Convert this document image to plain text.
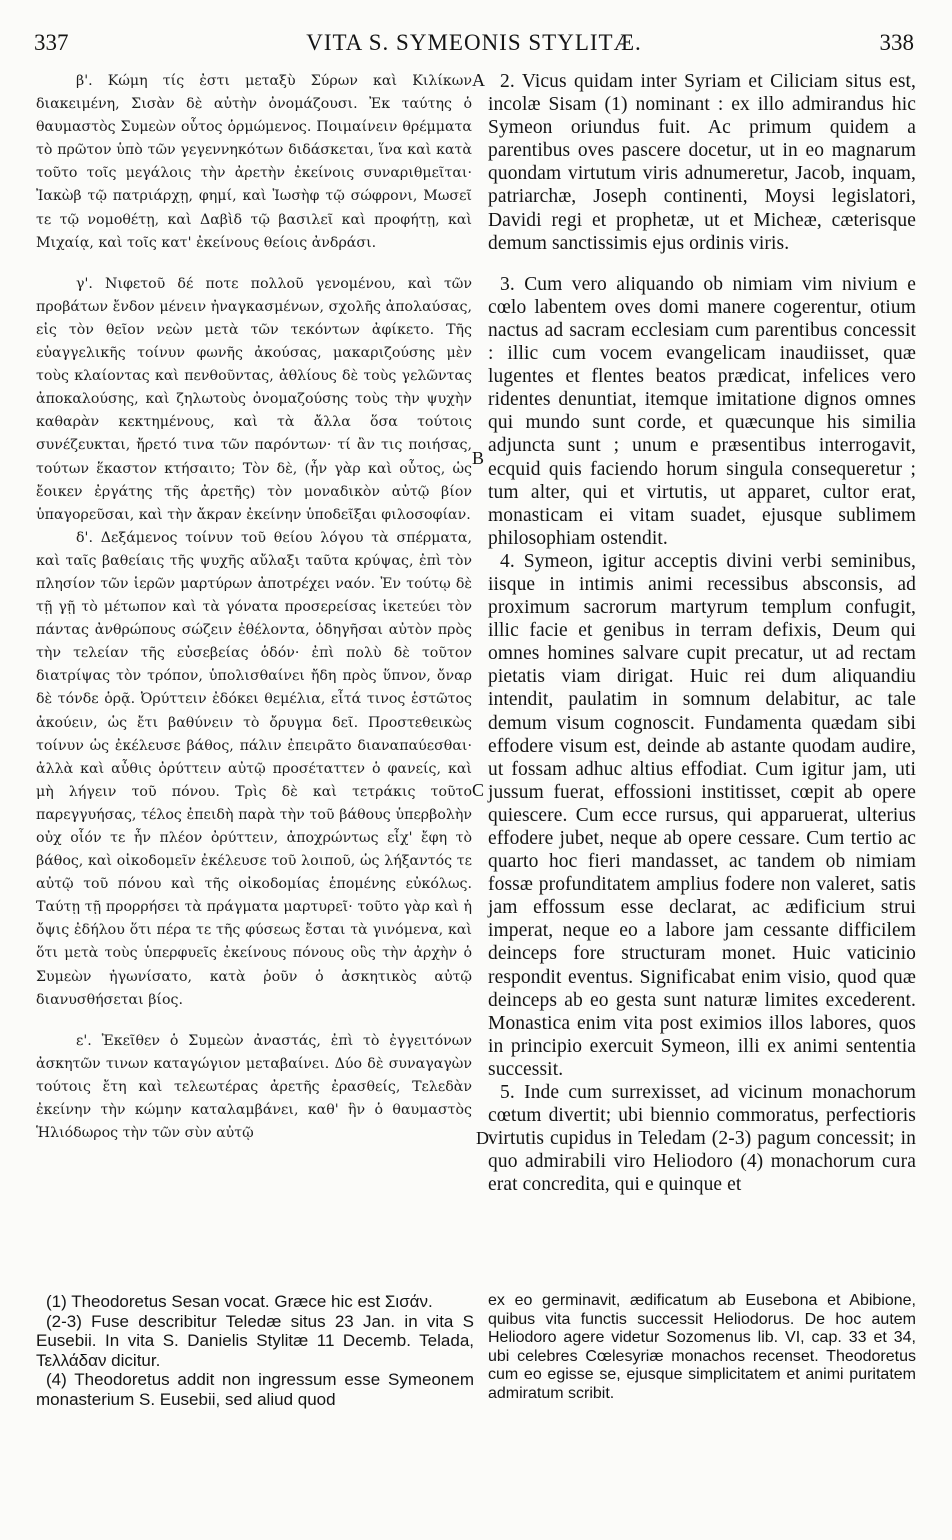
337	VITA S. SYMEONIS STYLITÆ.	338

β'. Κώμη τίς ἐστι μεταξὺ Σύρων καὶ Κιλίκων διακειμένη, Σισὰν δὲ αὐτὴν ὀνομάζουσι. Ἐκ ταύτης ὁ θαυμαστὸς Συμεὼν οὗτος ὁρμώμενος. Ποιμαίνειν θρέμματα τὸ πρῶτον ὑπὸ τῶν γεγεννηκότων διδάσκεται, ἵνα καὶ κατὰ τοῦτο τοῖς μεγάλοις τὴν ἀρετὴν ἐκείνοις συναριθμεῖται· Ἰακὼβ τῷ πατριάρχῃ, φημί, καὶ Ἰωσὴφ τῷ σώφρονι, Μωσεῖ τε τῷ νομοθέτῃ, καὶ Δαβὶδ τῷ βασιλεῖ καὶ προφήτῃ, καὶ Μιχαίᾳ, καὶ τοῖς κατ' ἐκείνους θείοις ἀνδράσι.

γ'. Νιφετοῦ δέ ποτε πολλοῦ γενομένου, καὶ τῶν προβάτων ἔνδον μένειν ἠναγκασμένων, σχολῆς ἀπολαύσας, εἰς τὸν θεῖον νεὼν μετὰ τῶν τεκόντων ἀφίκετο. Τῆς εὐαγγελικῆς τοίνυν φωνῆς ἀκούσας, μακαριζούσης μὲν τοὺς κλαίοντας καὶ πενθοῦντας, ἀθλίους δὲ τοὺς γελῶντας ἀποκαλούσης, καὶ ζηλωτοὺς ὀνομαζούσης τοὺς τὴν ψυχὴν καθαρὰν κεκτημένους, καὶ τὰ ἄλλα ὅσα τούτοις συνέζευκται, ἤρετό τινα τῶν παρόντων· τί ἂν τις ποιήσας, τούτων ἕκαστον κτήσαιτο; Τὸν δὲ, (ἦν γὰρ καὶ οὗτος, ὡς ἔοικεν ἐργάτης τῆς ἀρετῆς) τὸν μοναδικὸν αὐτῷ βίον ὑπαγορεῦσαι, καὶ τὴν ἄκραν ἐκείνην ὑποδεῖξαι φιλοσοφίαν.

δ'. Δεξάμενος τοίνυν τοῦ θείου λόγου τὰ σπέρματα, καὶ ταῖς βαθείαις τῆς ψυχῆς αὔλαξι ταῦτα κρύψας, ἐπὶ τὸν πλησίον τῶν ἱερῶν μαρτύρων ἀποτρέχει ναόν. Ἐν τούτῳ δὲ τῇ γῇ τὸ μέτωπον καὶ τὰ γόνατα προσερείσας ἱκετεύει τὸν πάντας ἀνθρώπους σώζειν ἐθέλοντα, ὁδηγῆσαι αὐτὸν πρὸς τὴν τελείαν τῆς εὐσεβείας ὁδόν· ἐπὶ πολὺ δὲ τοῦτον διατρίψας τὸν τρόπον, ὑπολισθαίνει ἤδη πρὸς ὕπνον, ὄναρ δὲ τόνδε ὁρᾷ. Ὀρύττειν ἐδόκει θεμέλια, εἶτά τινος ἑστῶτος ἀκούειν, ὡς ἔτι βαθύνειν τὸ ὄρυγμα δεῖ. Προστεθεικὼς τοίνυν ὡς ἐκέλευσε βάθος, πάλιν ἐπειρᾶτο διαναπαύεσθαι· ἀλλὰ καὶ αὖθις ὀρύττειν αὐτῷ προσέταττεν ὁ φανείς, καὶ μὴ λήγειν τοῦ πόνου. Τρὶς δὲ καὶ τετράκις τοῦτο παρεγγυήσας, τέλος ἐπειδὴ παρὰ τὴν τοῦ βάθους ὑπερβολὴν οὐχ οἷόν τε ἦν πλέον ὀρύττειν, ἀποχρώντως εἶχ' ἔφη τὸ βάθος, καὶ οἰκοδομεῖν ἐκέλευσε τοῦ λοιποῦ, ὡς λήξαντός τε αὐτῷ τοῦ πόνου καὶ τῆς οἰκοδομίας ἑπομένης εὐκόλως. Ταύτῃ τῇ προρρήσει τὰ πράγματα μαρτυρεῖ· τοῦτο γὰρ καὶ ἡ ὄψις ἐδήλου ὅτι πέρα τε τῆς φύσεως ἔσται τὰ γινόμενα, καὶ ὅτι μετὰ τοὺς ὑπερφυεῖς ἐκείνους πόνους οὓς τὴν ἀρχὴν ὁ Συμεὼν ἠγωνίσατο, κατὰ ῥοῦν ὁ ἀσκητικὸς αὐτῷ διανυσθήσεται βίος.

ε'. Ἐκεῖθεν ὁ Συμεὼν ἀναστάς, ἐπὶ τὸ ἐγγειτόνων ἀσκητῶν τινων καταγώγιον μεταβαίνει. Δύο δὲ συναγαγὼν τούτοις ἔτη καὶ τελεωτέρας ἀρετῆς ἐρασθείς, Τελεδὰν ἐκείνην τὴν κώμην καταλαμβάνει, καθ' ἣν ὁ θαυμαστὸς Ἡλιόδωρος τὴν τῶν σὺν αὐτῷ

2. Vicus quidam inter Syriam et Ciliciam situs est, incolæ Sisam (1) nominant : ex illo admirandus hic Symeon oriundus fuit. Ac primum quidem a parentibus oves pascere docetur, ut in eo magnarum quondam virtutum viris adnumeretur, Jacob, inquam, patriarchæ, Joseph continenti, Moysi legislatori, Davidi regi et prophetæ, ut et Micheæ, cæterisque demum sanctissimis ejus ordinis viris.

3. Cum vero aliquando ob nimiam vim nivium e cœlo labentem oves domi manere cogerentur, otium nactus ad sacram ecclesiam cum parentibus concessit : illic cum vocem evangelicam inaudiisset, quæ lugentes et flentes beatos prædicat, infelices vero ridentes denuntiat, itemque imitatione dignos omnes qui mundo sunt corde, et quæcunque his similia adjuncta sunt ; unum e præsentibus interrogavit, ecquid quis faciendo horum singula consequeretur ; tum alter, qui et virtutis, ut apparet, cultor erat, monasticam ei vitam suadet, ejusque sublimem philosophiam ostendit.

4. Symeon, igitur acceptis divini verbi seminibus, iisque in intimis animi recessibus absconsis, ad proximum sacrorum martyrum templum confugit, illic facie et genibus in terram defixis, Deum qui omnes homines salvare cupit precatur, ut ad rectam pietatis viam dirigat. Huic rei dum aliquandiu intendit, paulatim in somnum delabitur, ac tale demum visum cognoscit. Fundamenta quædam sibi effodere visum est, deinde ab astante quodam audire, ut fossam adhuc altius effodiat. Cum igitur jam, uti jussum fuerat, effossioni institisset, cœpit ab opere quiescere. Cum ecce rursus, qui apparuerat, ulterius effodere jubet, neque ab opere cessare. Cum tertio ac quarto hoc fieri mandasset, ac tandem ob nimiam fossæ profunditatem amplius fodere non valeret, satis jam effossum esse declarat, ac ædificium strui imperat, neque eo a labore jam cessante difficilem deinceps fore structuram monet. Huic vaticinio respondit eventus. Significabat enim visio, quod quæ deinceps ab eo gesta sunt naturæ limites excederent. Monastica enim vita post eximios illos labores, quos in principio exercuit Symeon, illi ex animi sententia successit.

5. Inde cum surrexisset, ad vicinum monachorum cœtum divertit; ubi biennio commoratus, perfectioris virtutis cupidus in Teledam (2-3) pagum concessit; in quo admirabili viro Heliodoro (4) monachorum cura erat concredita, qui e quinque et

A
B
C
D

(1) Theodoretus Sesan vocat. Græce hic est Σισάν.

(2-3) Fuse describitur Teledæ situs 23 Jan. in vita S Eusebii. In vita S. Danielis Stylitæ 11 Decemb. Telada, Τελλάδαν dicitur.

(4) Theodoretus addit non ingressum esse Symeonem monasterium S. Eusebii, sed aliud quod

ex eo germinavit, ædificatum ab Eusebona et Abibione, quibus vita functis successit Heliodorus. De hoc autem Heliodoro agere videtur Sozomenus lib. VI, cap. 33 et 34, ubi celebres Cœlesyriæ monachos recenset. Theodoretus cum eo egisse se, ejusque simplicitatem et animi puritatem admiratum scribit.
